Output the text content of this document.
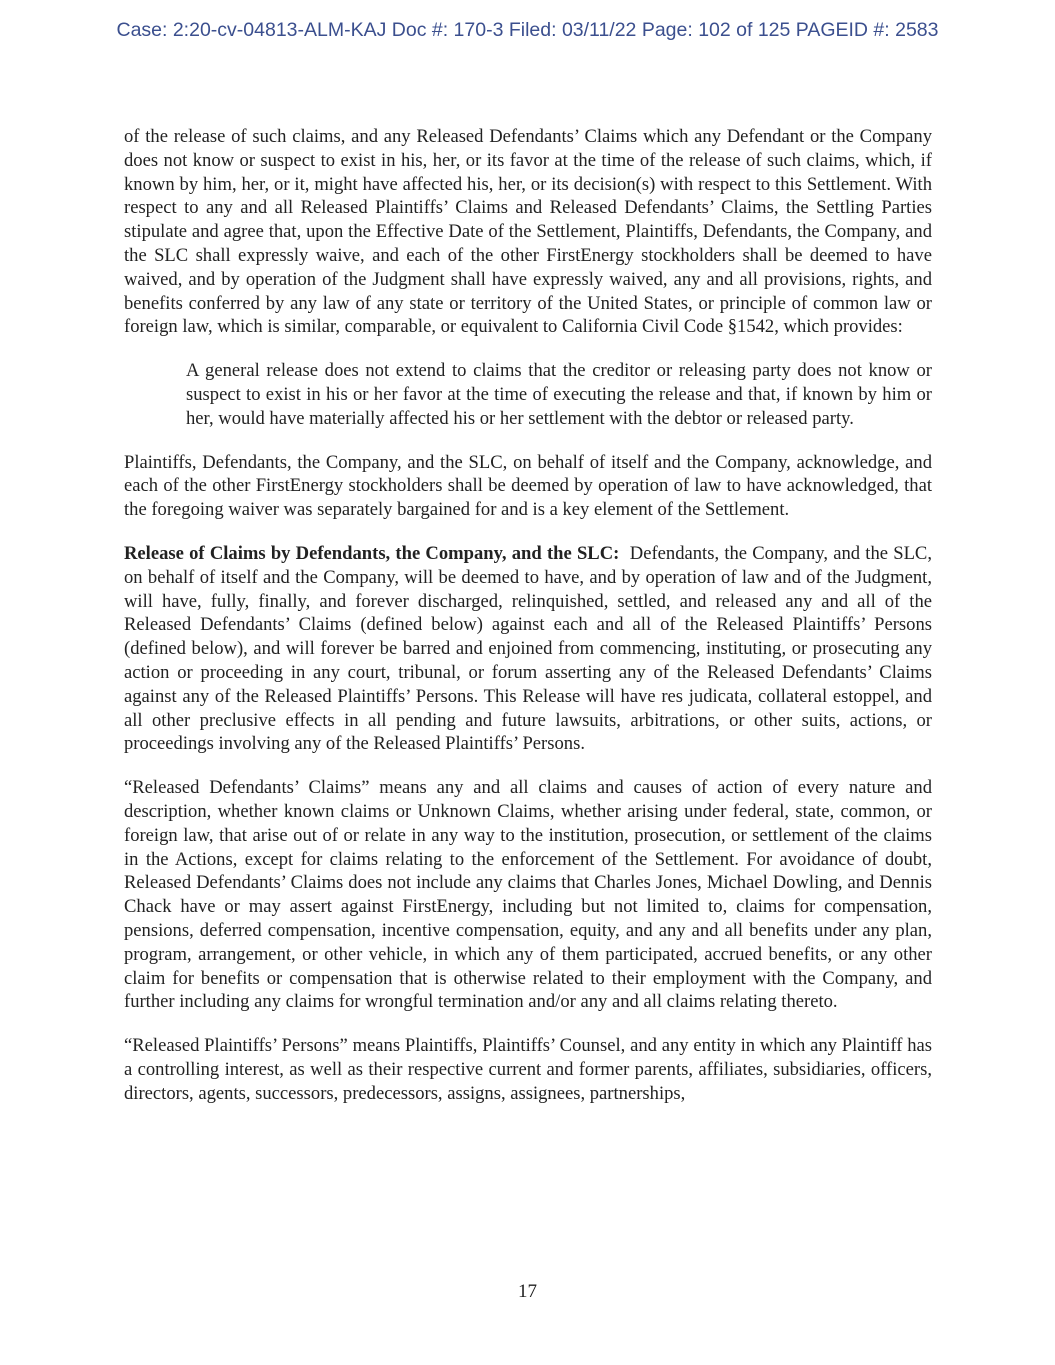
Case: 2:20-cv-04813-ALM-KAJ Doc #: 170-3 Filed: 03/11/22 Page: 102 of 125 PAGEID #: 2583

of the release of such claims, and any Released Defendants’ Claims which any Defendant or the Company does not know or suspect to exist in his, her, or its favor at the time of the release of such claims, which, if known by him, her, or it, might have affected his, her, or its decision(s) with respect to this Settlement. With respect to any and all Released Plaintiffs’ Claims and Released Defendants’ Claims, the Settling Parties stipulate and agree that, upon the Effective Date of the Settlement, Plaintiffs, Defendants, the Company, and the SLC shall expressly waive, and each of the other FirstEnergy stockholders shall be deemed to have waived, and by operation of the Judgment shall have expressly waived, any and all provisions, rights, and benefits conferred by any law of any state or territory of the United States, or principle of common law or foreign law, which is similar, comparable, or equivalent to California Civil Code §1542, which provides:

A general release does not extend to claims that the creditor or releasing party does not know or suspect to exist in his or her favor at the time of executing the release and that, if known by him or her, would have materially affected his or her settlement with the debtor or released party.

Plaintiffs, Defendants, the Company, and the SLC, on behalf of itself and the Company, acknowledge, and each of the other FirstEnergy stockholders shall be deemed by operation of law to have acknowledged, that the foregoing waiver was separately bargained for and is a key element of the Settlement.

Release of Claims by Defendants, the Company, and the SLC:  Defendants, the Company, and the SLC, on behalf of itself and the Company, will be deemed to have, and by operation of law and of the Judgment, will have, fully, finally, and forever discharged, relinquished, settled, and released any and all of the Released Defendants’ Claims (defined below) against each and all of the Released Plaintiffs’ Persons (defined below), and will forever be barred and enjoined from commencing, instituting, or prosecuting any action or proceeding in any court, tribunal, or forum asserting any of the Released Defendants’ Claims against any of the Released Plaintiffs’ Persons. This Release will have res judicata, collateral estoppel, and all other preclusive effects in all pending and future lawsuits, arbitrations, or other suits, actions, or proceedings involving any of the Released Plaintiffs’ Persons.

“Released Defendants’ Claims” means any and all claims and causes of action of every nature and description, whether known claims or Unknown Claims, whether arising under federal, state, common, or foreign law, that arise out of or relate in any way to the institution, prosecution, or settlement of the claims in the Actions, except for claims relating to the enforcement of the Settlement. For avoidance of doubt, Released Defendants’ Claims does not include any claims that Charles Jones, Michael Dowling, and Dennis Chack have or may assert against FirstEnergy, including but not limited to, claims for compensation, pensions, deferred compensation, incentive compensation, equity, and any and all benefits under any plan, program, arrangement, or other vehicle, in which any of them participated, accrued benefits, or any other claim for benefits or compensation that is otherwise related to their employment with the Company, and further including any claims for wrongful termination and/or any and all claims relating thereto.

“Released Plaintiffs’ Persons” means Plaintiffs, Plaintiffs’ Counsel, and any entity in which any Plaintiff has a controlling interest, as well as their respective current and former parents, affiliates, subsidiaries, officers, directors, agents, successors, predecessors, assigns, assignees, partnerships,

17
